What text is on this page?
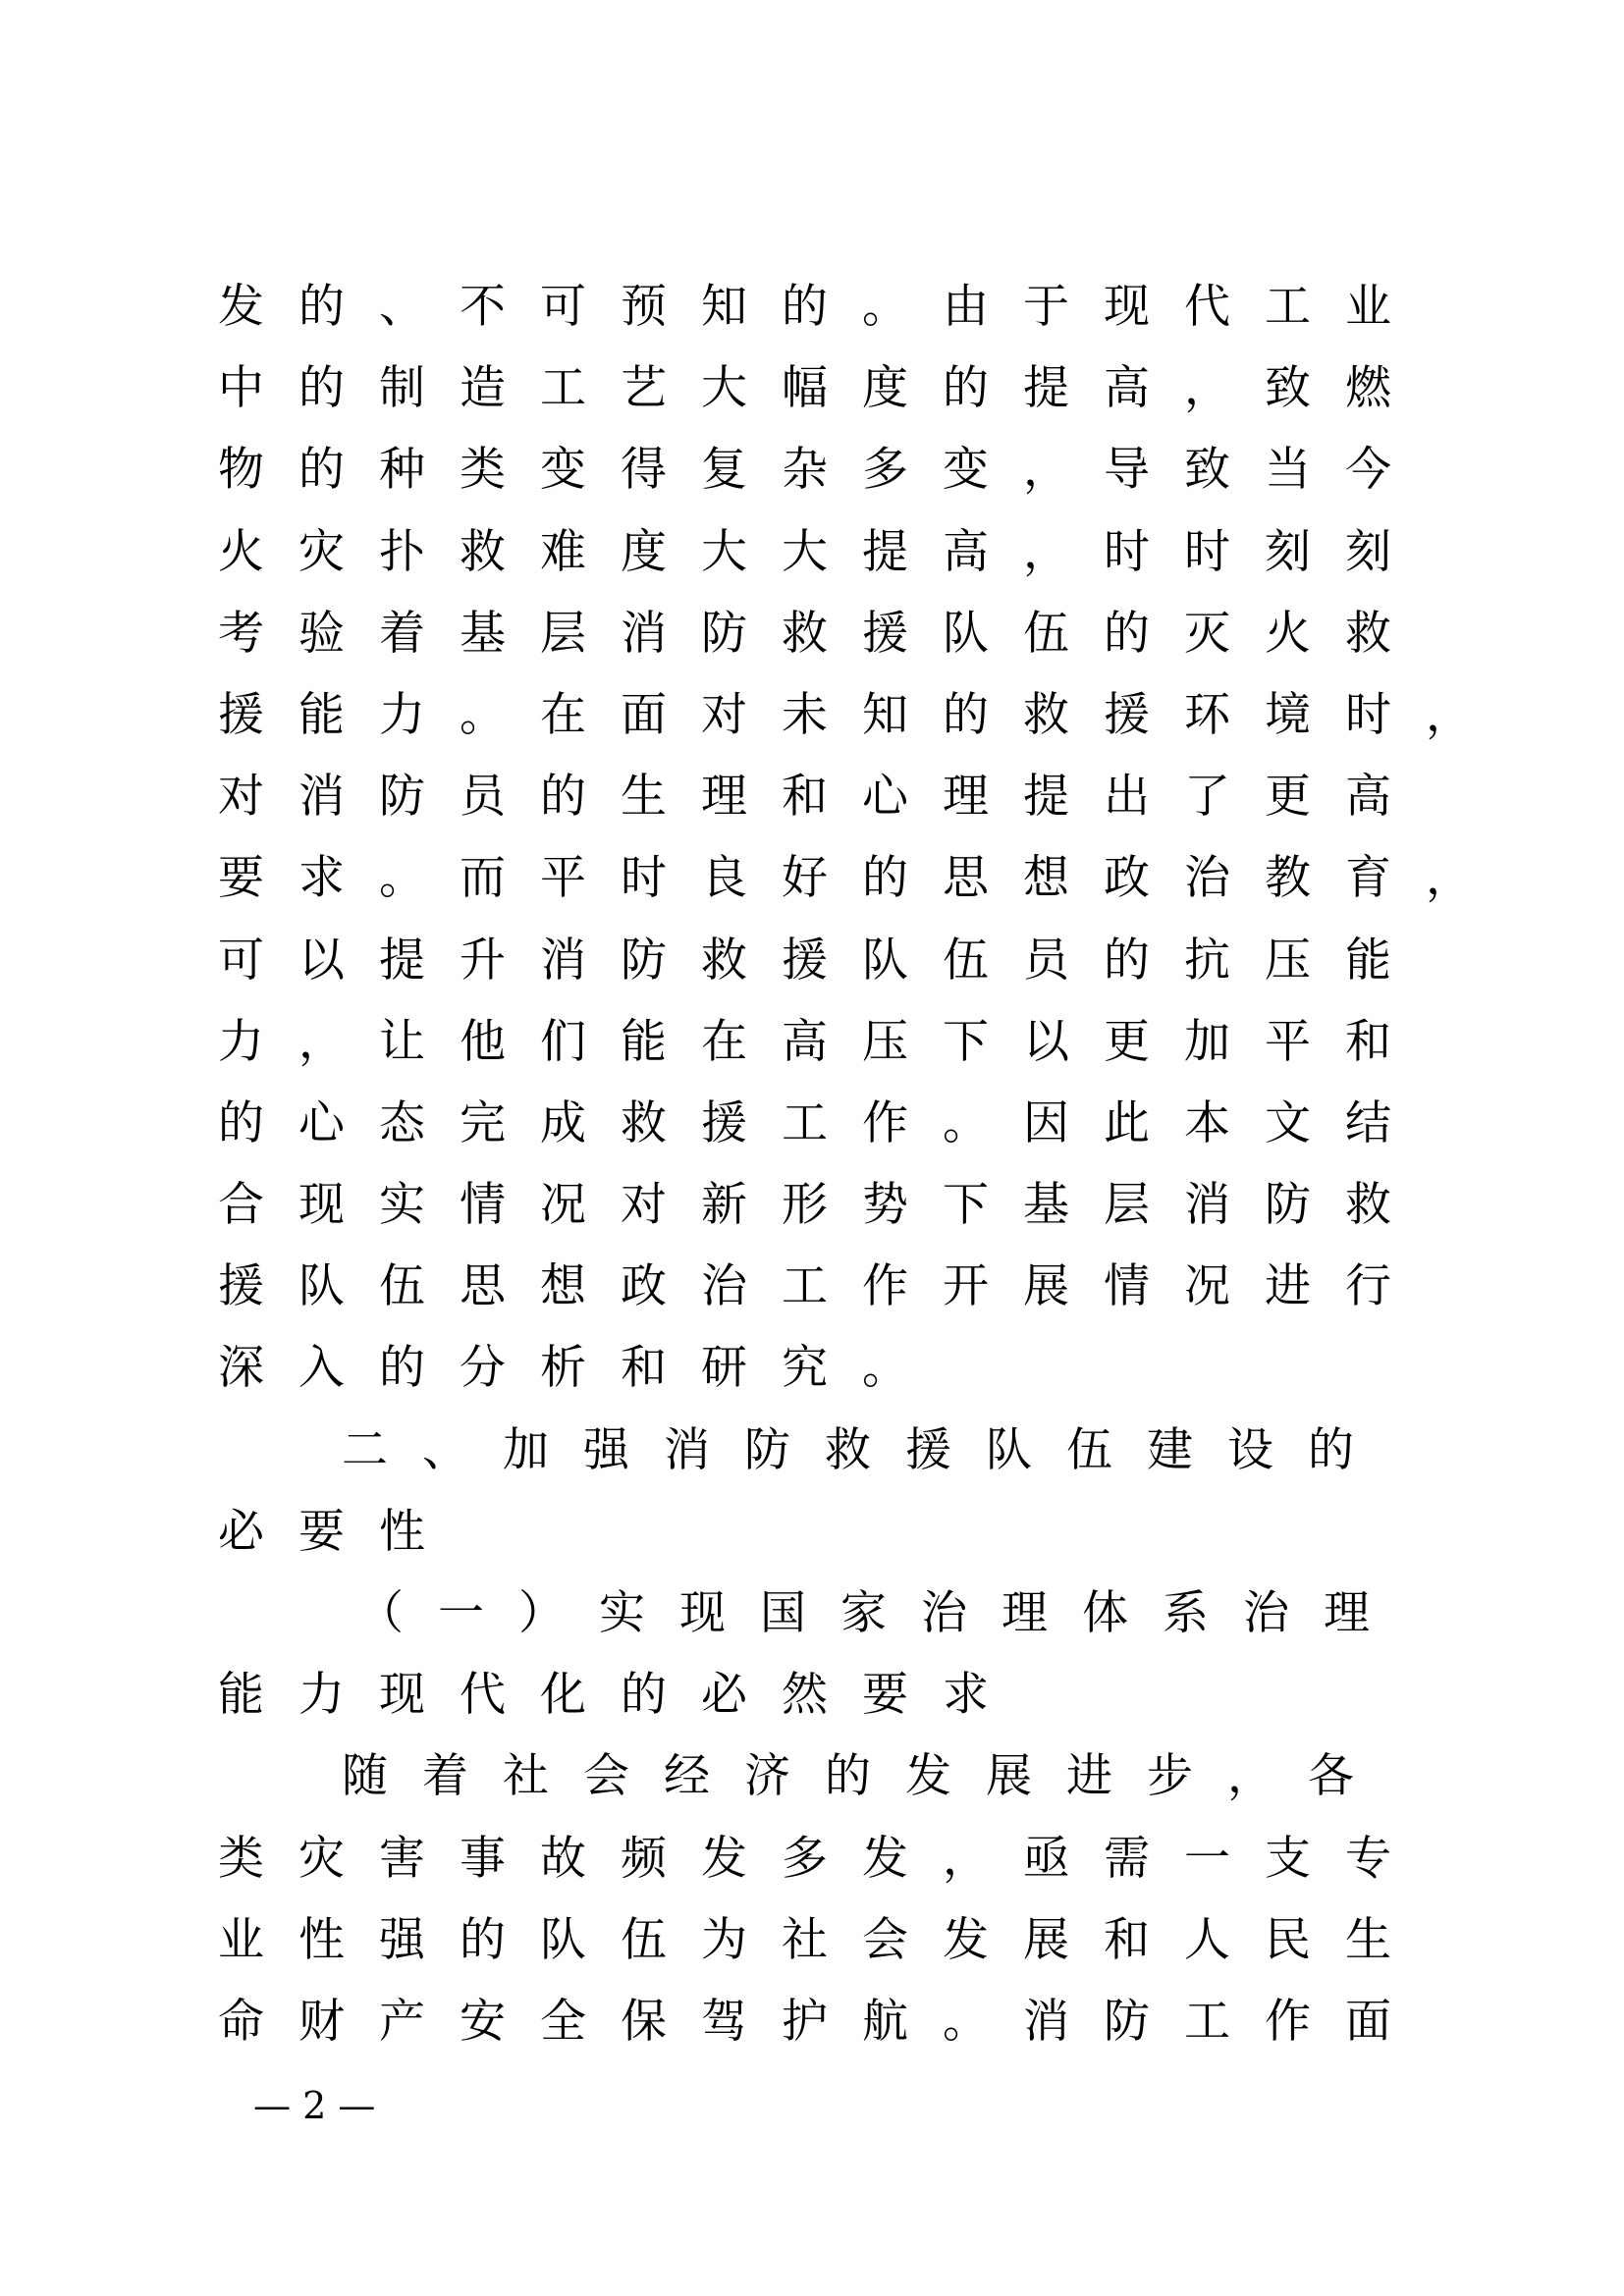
发的、不可预知的。由于现代工业
中的制造工艺大幅度的提高，致燃
物的种类变得复杂多变，导致当今
火灾扑救难度大大提高，时时刻刻
考验着基层消防救援队伍的灭火救
援能力。在面对未知的救援环境时，
对消防员的生理和心理提出了更高
要求。而平时良好的思想政治教育，
可以提升消防救援队伍员的抗压能
力，让他们能在高压下以更加平和
的心态完成救援工作。因此本文结
合现实情况对新形势下基层消防救
援队伍思想政治工作开展情况进行
深入的分析和研究。
二、加强消防救援队伍建设的
必要性
（一）实现国家治理体系治理
能力现代化的必然要求
随着社会经济的发展进步，各
类灾害事故频发多发，亟需一支专
业性强的队伍为社会发展和人民生
命财产安全保驾护航。消防工作面
— 2 —
